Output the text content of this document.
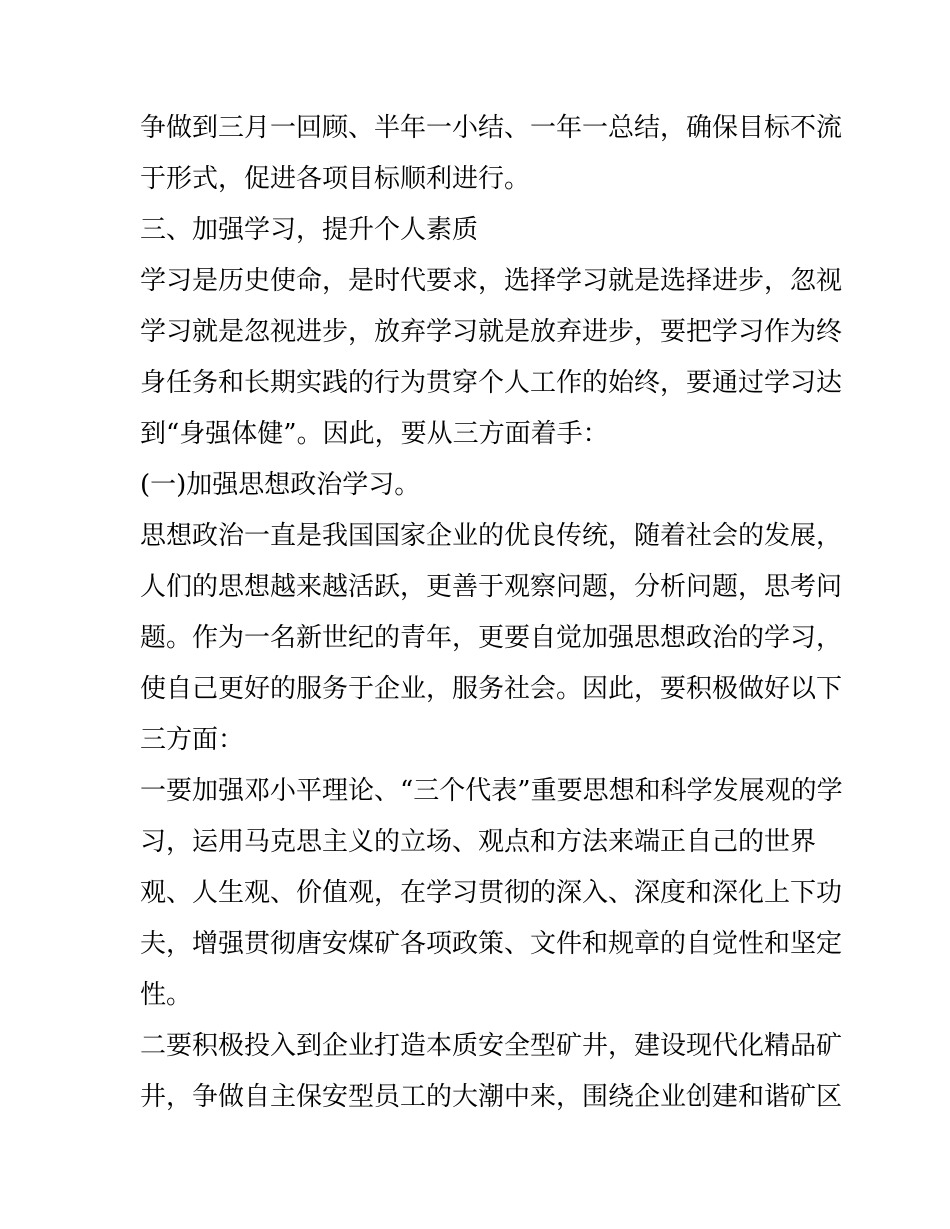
争做到三月一回顾、半年一小结、一年一总结，确保目标不流
于形式，促进各项目标顺利进行。
三、加强学习，提升个人素质
学习是历史使命，是时代要求，选择学习就是选择进步，忽视
学习就是忽视进步，放弃学习就是放弃进步，要把学习作为终
身任务和长期实践的行为贯穿个人工作的始终，要通过学习达
到“身强体健”。因此，要从三方面着手：
(一)加强思想政治学习。
思想政治一直是我国国家企业的优良传统，随着社会的发展，
人们的思想越来越活跃，更善于观察问题，分析问题，思考问
题。作为一名新世纪的青年，更要自觉加强思想政治的学习，
使自己更好的服务于企业，服务社会。因此，要积极做好以下
三方面：
一要加强邓小平理论、“三个代表”重要思想和科学发展观的学
习，运用马克思主义的立场、观点和方法来端正自己的世界
观、人生观、价值观，在学习贯彻的深入、深度和深化上下功
夫，增强贯彻唐安煤矿各项政策、文件和规章的自觉性和坚定
性。
二要积极投入到企业打造本质安全型矿井，建设现代化精品矿
井，争做自主保安型员工的大潮中来，围绕企业创建和谐矿区
